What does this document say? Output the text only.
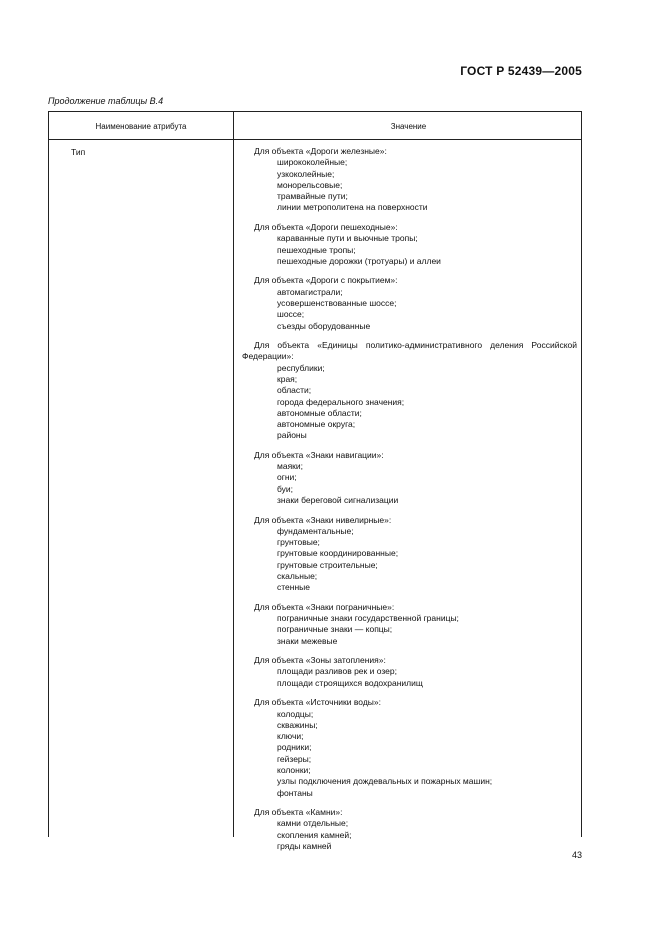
ГОСТ Р 52439—2005
Продолжение таблицы В.4
Наименование атрибута	Значение
Тип	Для объекта «Дороги железные»:
ширококолейные;
узкоколейные;
монорельсовые;
трамвайные пути;
линии метрополитена на поверхности
Для объекта «Дороги пешеходные»:
караванные пути и вьючные тропы;
пешеходные тропы;
пешеходные дорожки (тротуары) и аллеи
Для объекта «Дороги с покрытием»:
автомагистрали;
усовершенствованные шоссе;
шоссе;
съезды оборудованные
Для объекта «Единицы политико-административного деления Российской Федерации»:
республики;
края;
области;
города федерального значения;
автономные области;
автономные округа;
районы
Для объекта «Знаки навигации»:
маяки;
огни;
буи;
знаки береговой сигнализации
Для объекта «Знаки нивелирные»:
фундаментальные;
грунтовые;
грунтовые координированные;
грунтовые строительные;
скальные;
стенные
Для объекта «Знаки пограничные»:
пограничные знаки государственной границы;
пограничные знаки — копцы;
знаки межевые
Для объекта «Зоны затопления»:
площади разливов рек и озер;
площади строящихся водохранилищ
Для объекта «Источники воды»:
колодцы;
скважины;
ключи;
родники;
гейзеры;
колонки;
узлы подключения дождевальных и пожарных машин;
фонтаны
Для объекта «Камни»:
камни отдельные;
скопления камней;
гряды камней
43
